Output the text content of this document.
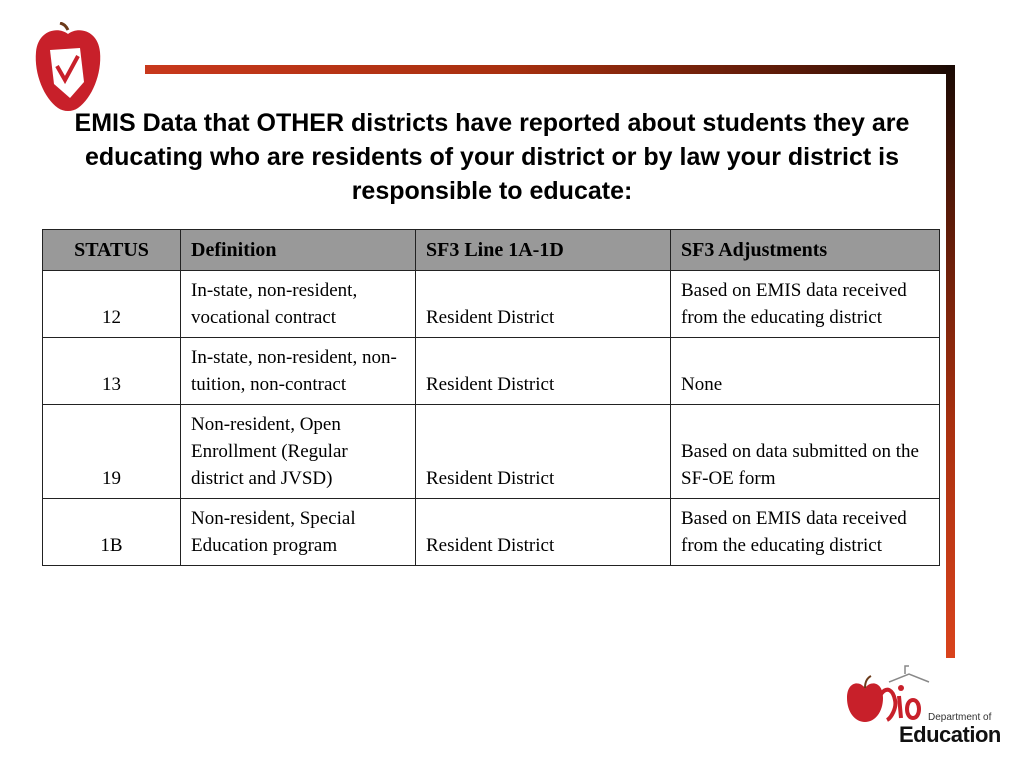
EMIS Data that OTHER districts have reported about students they are educating who are residents of your district or by law your district is responsible to educate:
STATUS	Definition	SF3 Line 1A-1D	SF3 Adjustments
12	In-state, non-resident, vocational contract	Resident District	Based on EMIS data received from the educating district
13	In-state, non-resident, non-tuition, non-contract	Resident District	None
19	Non-resident, Open Enrollment (Regular district and JVSD)	Resident District	Based on data submitted on the SF-OE form
1B	Non-resident, Special Education program	Resident District	Based on EMIS data received from the educating district
Department of
Education
